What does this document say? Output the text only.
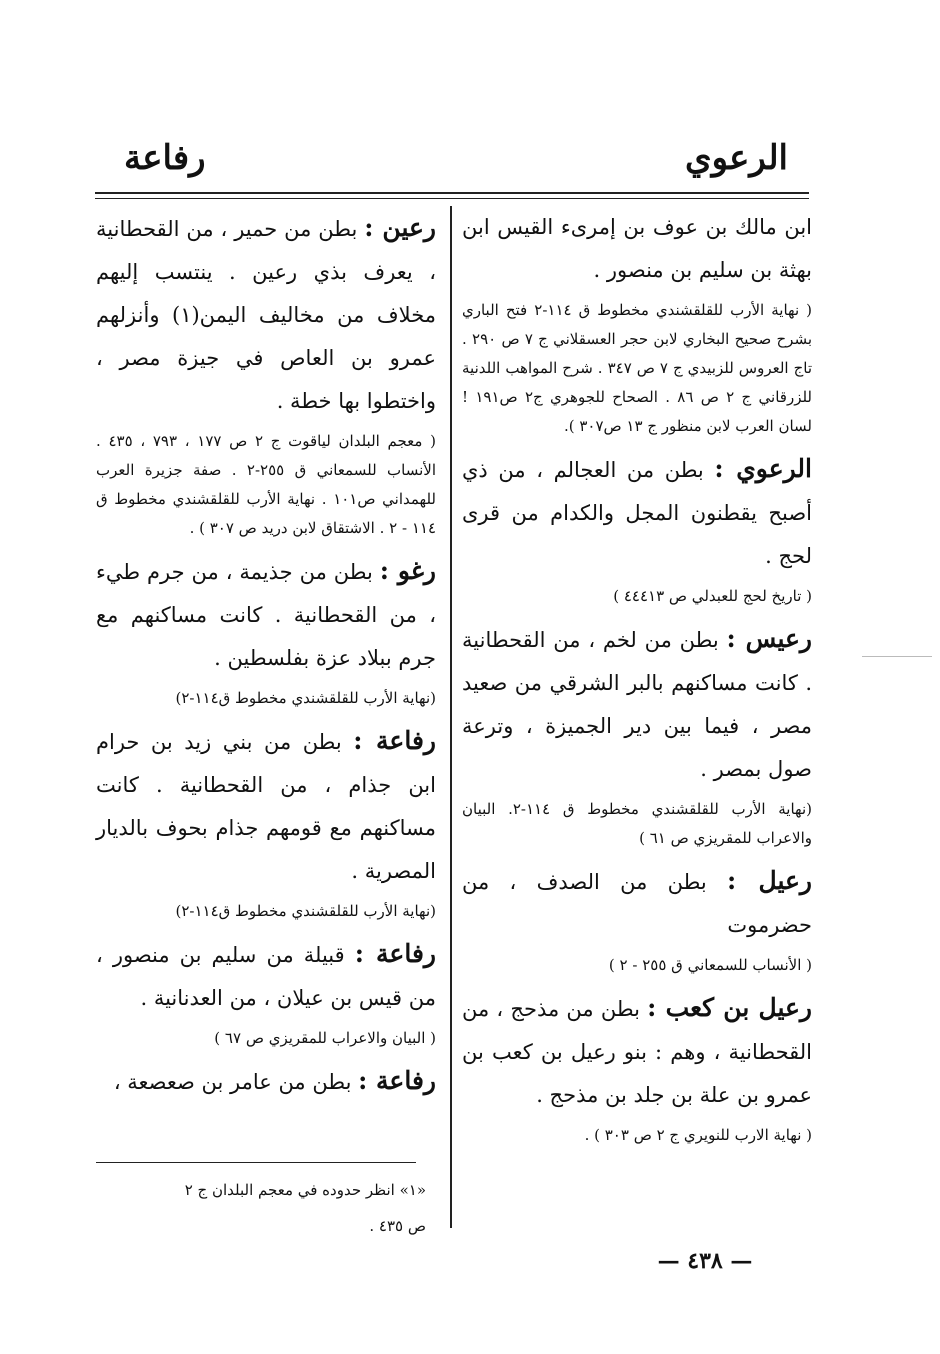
الرعوي
رفاعة

ابن مالك بن عوف بن إمرىء القيس ابن بهثة بن سليم بن منصور .

( نهاية الأرب للقلقشندي مخطوط ق ١١٤-٢ فتح الباري بشرح صحيح البخاري لابن حجر العسقلاني ج ٧ ص ٢٩٠ . تاج العروس للزبيدي ج ٧ ص ٣٤٧ . شرح المواهب اللدنية للزرقاني ج ٢ ص ٨٦ . الصحاح للجوهري ج٢ ص١٩١ ! لسان العرب لابن منظور ج ١٣ ص٣٠٧ ).

الرعوي : بطن من العجالم ، من ذي أصبح يقطنون المجل والكدام من قرى لحج .

( تاريخ لحج للعبدلي ص ٤٤٤١٣ )

رعيس : بطن من لخم ، من القحطانية . كانت مساكنهم بالبر الشرقي من صعيد مصر ، فيما بين دير الجميزة ، وترعة صول بمصر .

(نهاية الأرب للقلقشندي مخطوط ق ١١٤-٢. البيان والاعراب للمقريزي ص ٦١ )

رعيل : بطن من الصدف ، من حضرموت

( الأنساب للسمعاني ق ٢٥٥ - ٢ )

رعيل بن كعب : بطن من مذحج ، من القحطانية ، وهم : بنو رعيل بن كعب بن عمرو بن علة بن جلد بن مذحج .

( نهاية الارب للنويري ج ٢ ص ٣٠٣ ) .

رعين : بطن من حمير ، من القحطانية ، يعرف بذي رعين . ينتسب إليهم مخلاف من مخاليف اليمن(١) وأنزلهم عمرو بن العاص في جيزة مصر ، واختطوا بها خطة .

( معجم البلدان لياقوت ج ٢ ص ١٧٧ ، ٧٩٣ ، ٤٣٥ . الأنساب للسمعاني ق ٢٥٥-٢ . صفة جزيرة العرب للهمداني ص١٠١ . نهاية الأرب للقلقشندي مخطوط ق ١١٤ - ٢ . الاشتقاق لابن دريد ص ٣٠٧ ) .

رغو : بطن من جذيمة ، من جرم طيء ، من القحطانية . كانت مساكنهم مع جرم ببلاد عزة بفلسطين .

(نهاية الأرب للقلقشندي مخطوط ق١١٤-٢)

رفاعة : بطن من بني زيد بن حرام ابن جذام ، من القحطانية . كانت مساكنهم مع قومهم جذام بحوف بالديار المصرية .

(نهاية الأرب للقلقشندي مخطوط ق١١٤-٢)

رفاعة : قبيلة من سليم بن منصور ، من قيس بن عيلان ، من العدنانية .

( البيان والاعراب للمقريزي ص ٦٧ )

رفاعة : بطن من عامر بن صعصعة ،

«١» انظر حدوده في معجم البلدان ج ٢
ص ٤٣٥ .
— ٤٣٨ —
